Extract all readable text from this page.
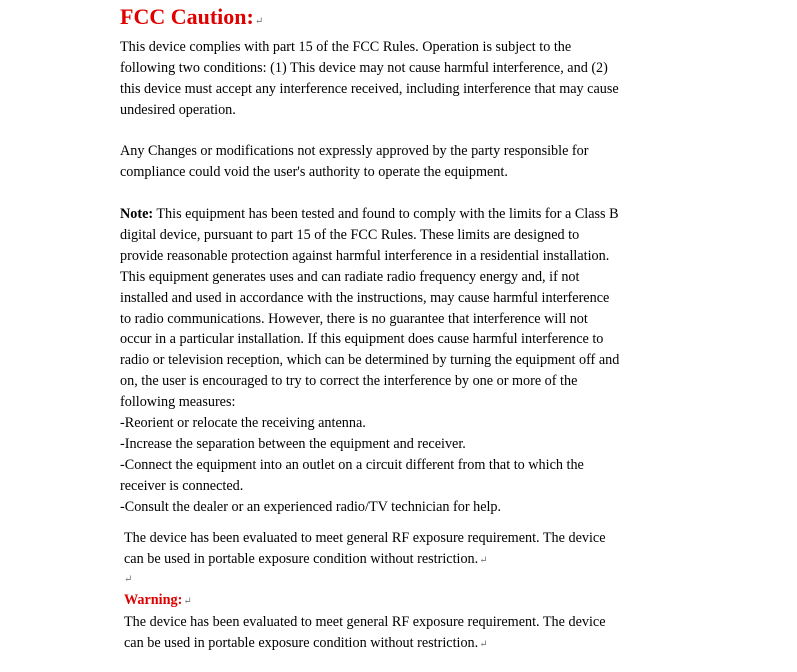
FCC Caution:↵
This device complies with part 15 of the FCC Rules. Operation is subject to the
following two conditions: (1) This device may not cause harmful interference, and (2)
this device must accept any interference received, including interference that may cause
undesired operation.
Any Changes or modifications not expressly approved by the party responsible for
compliance could void the user's authority to operate the equipment.
Note: This equipment has been tested and found to comply with the limits for a Class B
digital device, pursuant to part 15 of the FCC Rules. These limits are designed to
provide reasonable protection against harmful interference in a residential installation.
This equipment generates uses and can radiate radio frequency energy and, if not
installed and used in accordance with the instructions, may cause harmful interference
to radio communications. However, there is no guarantee that interference will not
occur in a particular installation. If this equipment does cause harmful interference to
radio or television reception, which can be determined by turning the equipment off and
on, the user is encouraged to try to correct the interference by one or more of the
following measures:
-Reorient or relocate the receiving antenna.
-Increase the separation between the equipment and receiver.
-Connect the equipment into an outlet on a circuit different from that to which the
receiver is connected.
-Consult the dealer or an experienced radio/TV technician for help.
The device has been evaluated to meet general RF exposure requirement. The device
can be used in portable exposure condition without restriction.↵
↵
Warning:↵
The device has been evaluated to meet general RF exposure requirement. The device
can be used in portable exposure condition without restriction.↵
